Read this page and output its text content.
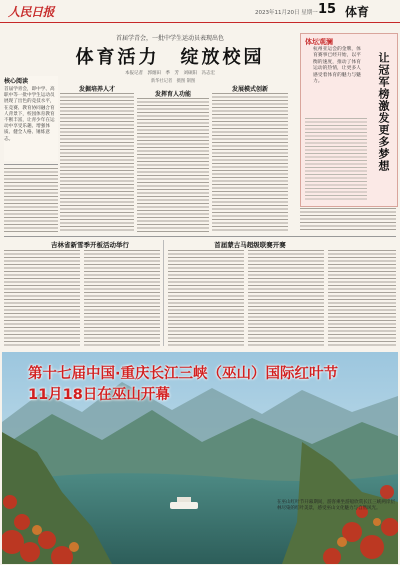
人民日报	2023年11月20日 星期一 15 体育
首届学青会，一批中学生运动员表现出色
体育活力　绽放校园
本报记者　郭烟田　季　芳　刘硕阳　冯志宏
核心阅读
首届学青会，即中学、高职中等一批中学生运动员展现了出色的竞技水平，在竞赛、教育协同融合育人背景下，校园体育教育不断丰富，让青少年在运动中享受乐趣、增强体质、健全人格、锤炼意志。
发掘培养人才
新华社记者　摄图 制图
发挥育人功能
发展模式创新
体坛观澜
杭州亚运会的金牌，体育赛事已经开始，以平衡的速度，推动了体育运动的热情，让更多人感受着体育的魅力与魅力。	让冠军榜激发更多梦想
吉林省新雪季开板活动举行	首届蒙古马超级联赛开赛
第十七届中国·重庆长江三峡（巫山）国际红叶节
11月18日在巫山开幕
在巫山红叶节开幕期间，游客乘坐游船欣赏长江三峡两岸层林尽染的红叶美景，感受巫山文化魅力与自然风光。
